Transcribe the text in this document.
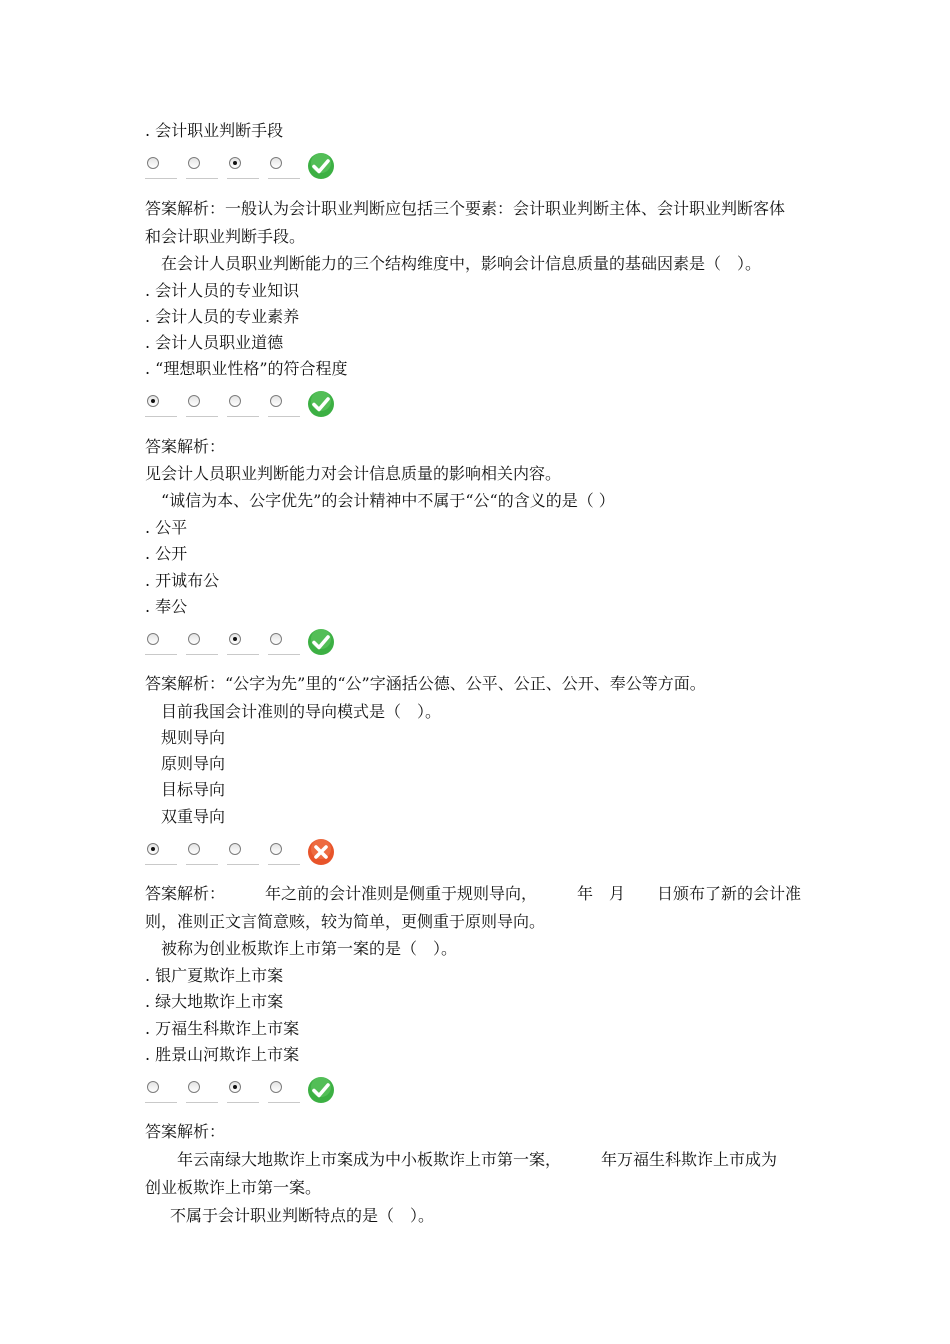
. 会计职业判断手段
答案解析：一般认为会计职业判断应包括三个要素：会计职业判断主体、会计职业判断客体
和会计职业判断手段。
在会计人员职业判断能力的三个结构维度中，影响会计信息质量的基础因素是（　）。
. 会计人员的专业知识
. 会计人员的专业素养
. 会计人员职业道德
. “理想职业性格”的符合程度
答案解析：
见会计人员职业判断能力对会计信息质量的影响相关内容。
“诚信为本、公字优先”的会计精神中不属于“公“的含义的是（ ）
. 公平
. 公开
. 开诚布公
. 奉公
答案解析：“公字为先”里的“公”字涵括公德、公平、公正、公开、奉公等方面。
目前我国会计准则的导向模式是（　）。
规则导向
原则导向
目标导向
双重导向
答案解析：　　　年之前的会计准则是侧重于规则导向，　　　年　月　　日颁布了新的会计准
则，准则正文言简意赅，较为简单，更侧重于原则导向。
被称为创业板欺诈上市第一案的是（　）。
. 银广夏欺诈上市案
. 绿大地欺诈上市案
. 万福生科欺诈上市案
. 胜景山河欺诈上市案
答案解析：
　　年云南绿大地欺诈上市案成为中小板欺诈上市第一案，　　　年万福生科欺诈上市成为
创业板欺诈上市第一案。
不属于会计职业判断特点的是（　）。
